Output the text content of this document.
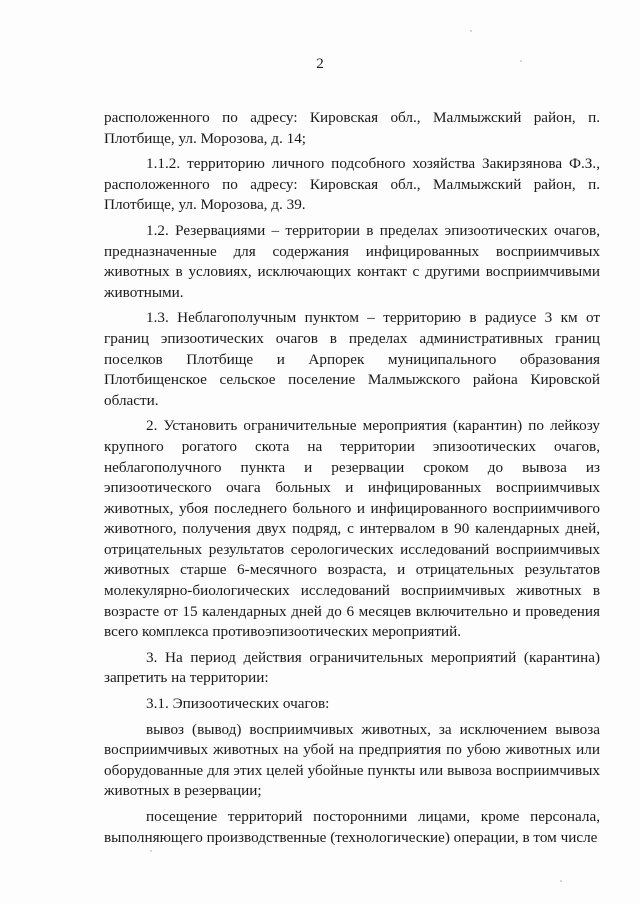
2

расположенного по адресу: Кировская обл., Малмыжский район, п. Плотбище, ул. Морозова, д. 14;

1.1.2. территорию личного подсобного хозяйства Закирзянова Ф.З., расположенного по адресу: Кировская обл., Малмыжский район, п. Плотбище, ул. Морозова, д. 39.

1.2. Резервациями – территории в пределах эпизоотических очагов, предназначенные для содержания инфицированных восприимчивых животных в условиях, исключающих контакт с другими восприимчивыми животными.

1.3. Неблагополучным пунктом – территорию в радиусе 3 км от границ эпизоотических очагов в пределах административных границ поселков Плотбище и Арпорек муниципального образования Плотбищенское сельское поселение Малмыжского района Кировской области.

2. Установить ограничительные мероприятия (карантин) по лейкозу крупного рогатого скота на территории эпизоотических очагов, неблагополучного пункта и резервации сроком до вывоза из эпизоотического очага больных и инфицированных восприимчивых животных, убоя последнего больного и инфицированного восприимчивого животного, получения двух подряд, с интервалом в 90 календарных дней, отрицательных результатов серологических исследований восприимчивых животных старше 6-месячного возраста, и отрицательных результатов молекулярно-биологических исследований восприимчивых животных в возрасте от 15 календарных дней до 6 месяцев включительно и проведения всего комплекса противоэпизоотических мероприятий.

3. На период действия ограничительных мероприятий (карантина) запретить на территории:

3.1. Эпизоотических очагов:

вывоз (вывод) восприимчивых животных, за исключением вывоза восприимчивых животных на убой на предприятия по убою животных или оборудованные для этих целей убойные пункты или вывоза восприимчивых животных в резервации;

посещение территорий посторонними лицами, кроме персонала, выполняющего производственные (технологические) операции, в том числе
